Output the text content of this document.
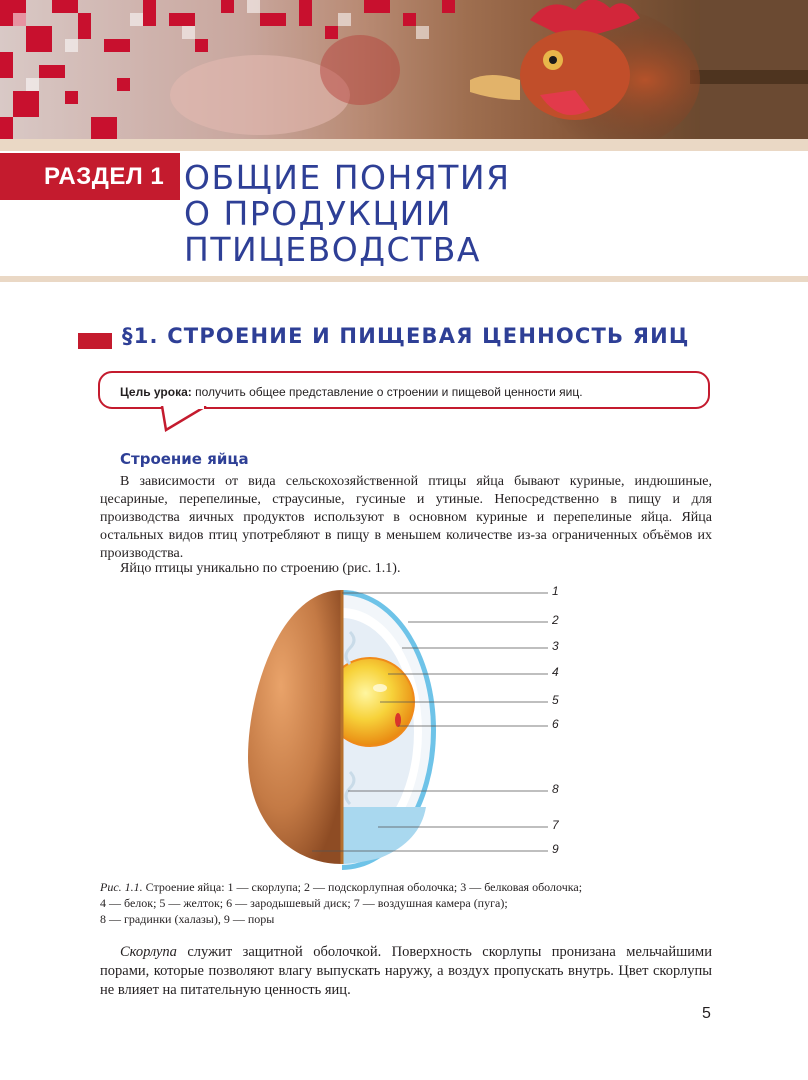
РАЗДЕЛ 1 ОБЩИЕ ПОНЯТИЯ
О ПРОДУКЦИИ
ПТИЦЕВОДСТВА
§1. СТРОЕНИЕ И ПИЩЕВАЯ ЦЕННОСТЬ ЯИЦ
Цель урока: получить общее представление о строении и пищевой ценности яиц.
Строение яйца

В зависимости от вида сельскохозяйственной птицы яйца бывают куриные, индюшиные, цесариные, перепелиные, страусиные, гусиные и утиные. Непосредственно в пищу и для производства яичных продуктов используют в основном куриные и перепелиные яйца. Яйца остальных видов птиц употребляют в пищу в меньшем количестве из-за ограниченных объёмов их производства.

Яйцо птицы уникально по строению (рис. 1.1).

1
2
3
4
5
6
8
7
9

Рис. 1.1. Строение яйца: 1 — скорлупа; 2 — подскорлупная оболочка; 3 — белковая оболочка;
4 — белок; 5 — желток; 6 — зародышевый диск; 7 — воздушная камера (пуга);
8 — градинки (халазы), 9 — поры

Скорлупа служит защитной оболочкой. Поверхность скорлупы пронизана мельчайшими порами, которые позволяют влагу выпускать наружу, а воздух пропускать внутрь. Цвет скорлупы не влияет на питательную ценность яиц.

5
